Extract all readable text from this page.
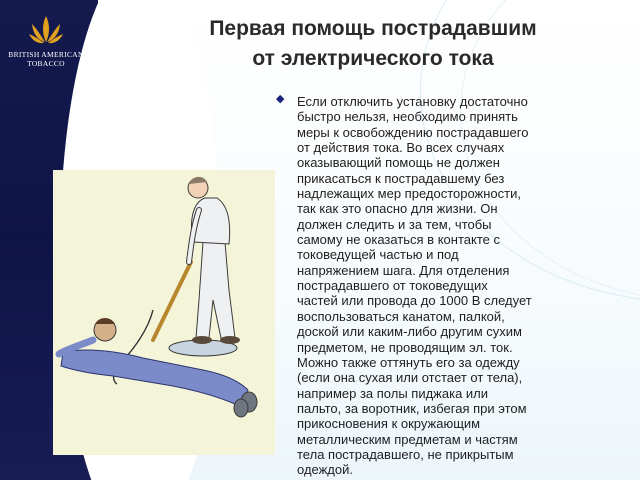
BRITISH AMERICAN
TOBACCO
Первая помощь пострадавшим
от электрического тока
◆ Если отключить установку достаточно
быстро нельзя, необходимо принять
меры к освобождению пострадавшего
от действия тока. Во всех случаях
оказывающий помощь не должен
прикасаться к пострадавшему без
надлежащих мер предосторожности,
так как это опасно для жизни. Он
должен следить и за тем, чтобы
самому не оказаться в контакте с
токоведущей частью и под
напряжением шага. Для отделения
пострадавшего от токоведущих
частей или провода до 1000 В следует
воспользоваться канатом, палкой,
доской или каким-либо другим сухим
предметом, не проводящим эл. ток.
Можно также оттянуть его за одежду
(если она сухая или отстает от тела),
например за полы пиджака или
пальто, за воротник, избегая при этом
прикосновения к окружающим
металлическим предметам и частям
тела пострадавшего, не прикрытым
одеждой.
